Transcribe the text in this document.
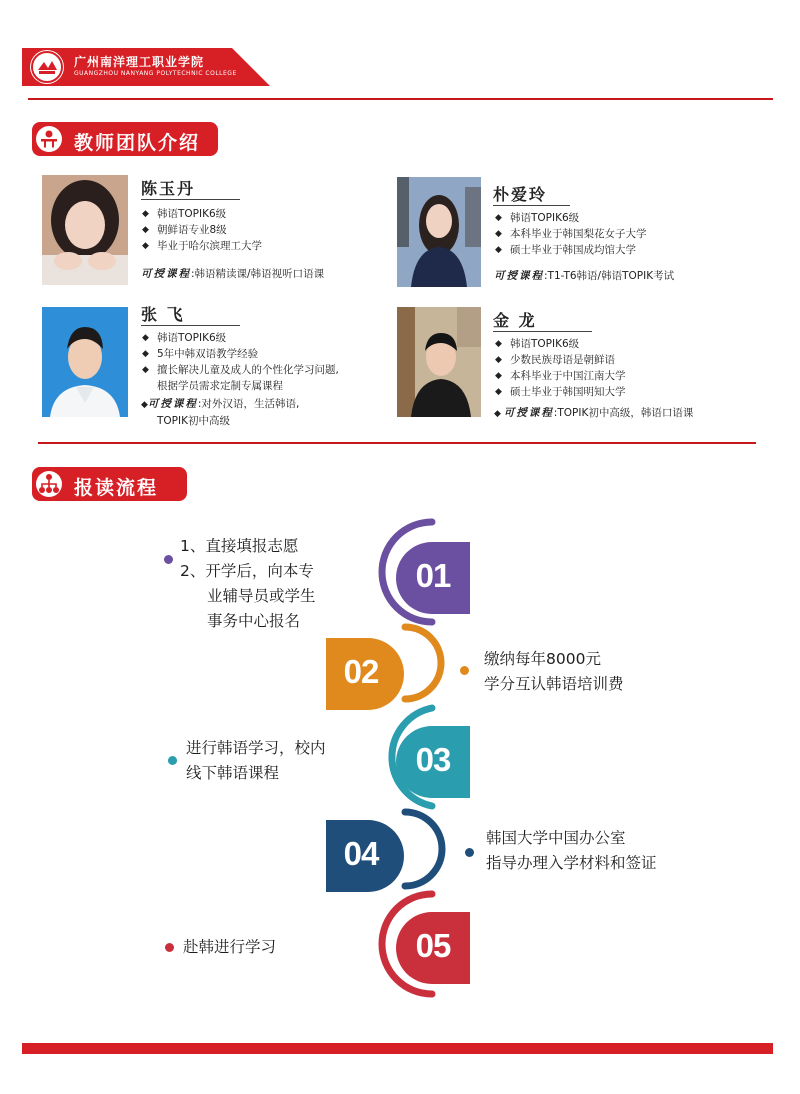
广州南洋理工职业学院
GUANGZHOU NANYANG POLYTECHNIC COLLEGE
教师团队介绍
陈玉丹
◆ 韩语TOPIK6级
◆ 朝鲜语专业8级
◆ 毕业于哈尔滨理工大学
可授课程:韩语精读课/韩语视听口语课
朴爱玲
◆ 韩语TOPIK6级
◆ 本科毕业于韩国梨花女子大学
◆ 硕士毕业于韩国成均馆大学
可授课程:T1-T6韩语/韩语TOPIK考试
张 飞
◆ 韩语TOPIK6级
◆ 5年中韩双语教学经验
◆ 擅长解决儿童及成人的个性化学习问题,
根据学员需求定制专属课程
◆可授课程:对外汉语，生活韩语,
TOPIK初中高级
金 龙
◆ 韩语TOPIK6级
◆ 少数民族母语是朝鲜语
◆ 本科毕业于中国江南大学
◆ 硕士毕业于韩国明知大学
◆ 可授课程:TOPIK初中高级，韩语口语课
报读流程
01
02
03
04
05
1、直接填报志愿
2、开学后，向本专
业辅导员或学生
事务中心报名
缴纳每年8000元
学分互认韩语培训费
进行韩语学习，校内
线下韩语课程
韩国大学中国办公室
指导办理入学材料和签证
赴韩进行学习
